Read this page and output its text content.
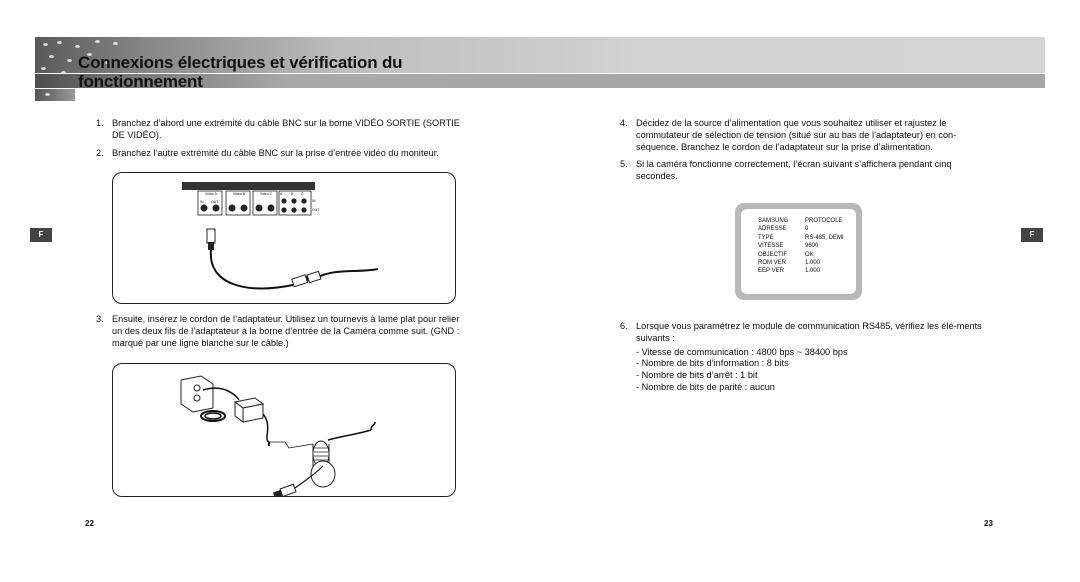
Connexions électriques et vérification du fonctionnement
F	F
1. Branchez d’abord une extrémité du câble BNC sur la borne VIDÉO SORTIE (SORTIE DE VIDÉO).
2. Branchez l’autre extrémité du câble BNC sur la prise d’entrée vidéo du moniteur.
Video A	Video B	Video C
IN OUT
A B C
IN
OUT
3. Ensuite, insérez le cordon de l’adaptateur. Utilisez un tournevis à lame plat pour relier un des deux fils de l’adaptateur à la borne d’entrée de la Caméra comme suit. (GND : marqué par une ligne blanche sur le câble.)
4. Décidez de la source d’alimentation que vous souhaitez utiliser et rajustez le commutateur de sélection de tension (situé sur au bas de l’adaptateur) en con-séquence. Branchez le cordon de l’adaptateur sur la prise d’alimentation.
5. Si la caméra fonctionne correctement, l’écran suivant s’affichera pendant cinq secondes.
SAMSUNG	PROTOCOLE
ADRESSE	0
TYPE	RS-485, DEMI
VITESSE	9600
OBJECTIF	OK
ROM VER	1.000
EEP VER	1.000
6. Lorsque vous paramétrez le module de communication RS485, vérifiez les élé-ments suivants :
- Vitesse de communication : 4800 bps ~ 38400 bps
- Nombre de bits d’information : 8 bits
- Nombre de bits d’arrêt : 1 bit
- Nombre de bits de parité : aucun
22	23
